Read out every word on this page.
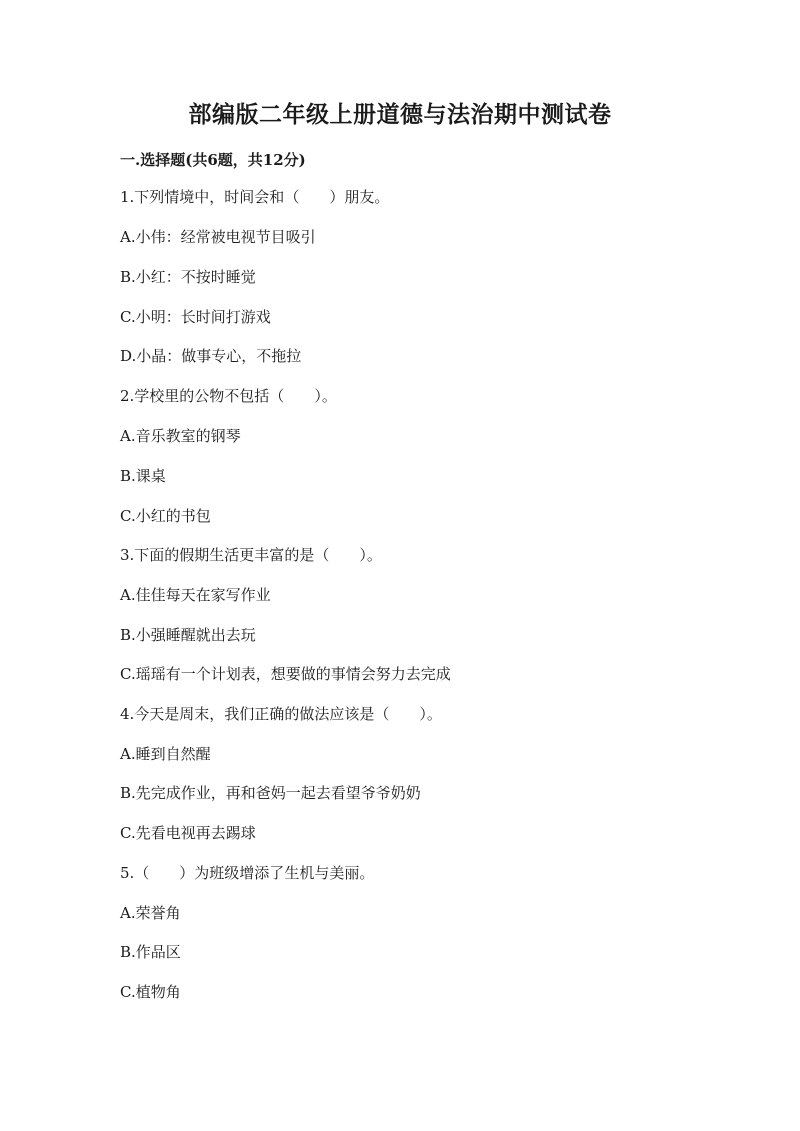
部编版二年级上册道德与法治期中测试卷
一.选择题(共6题，共12分)
1.下列情境中，时间会和（　　）朋友。
A.小伟：经常被电视节目吸引
B.小红：不按时睡觉
C.小明：长时间打游戏
D.小晶：做事专心，不拖拉
2.学校里的公物不包括（　　）。
A.音乐教室的钢琴
B.课桌
C.小红的书包
3.下面的假期生活更丰富的是（　　）。
A.佳佳每天在家写作业
B.小强睡醒就出去玩
C.瑶瑶有一个计划表，想要做的事情会努力去完成
4.今天是周末，我们正确的做法应该是（　　）。
A.睡到自然醒
B.先完成作业，再和爸妈一起去看望爷爷奶奶
C.先看电视再去踢球
5.（　　）为班级增添了生机与美丽。
A.荣誉角
B.作品区
C.植物角
